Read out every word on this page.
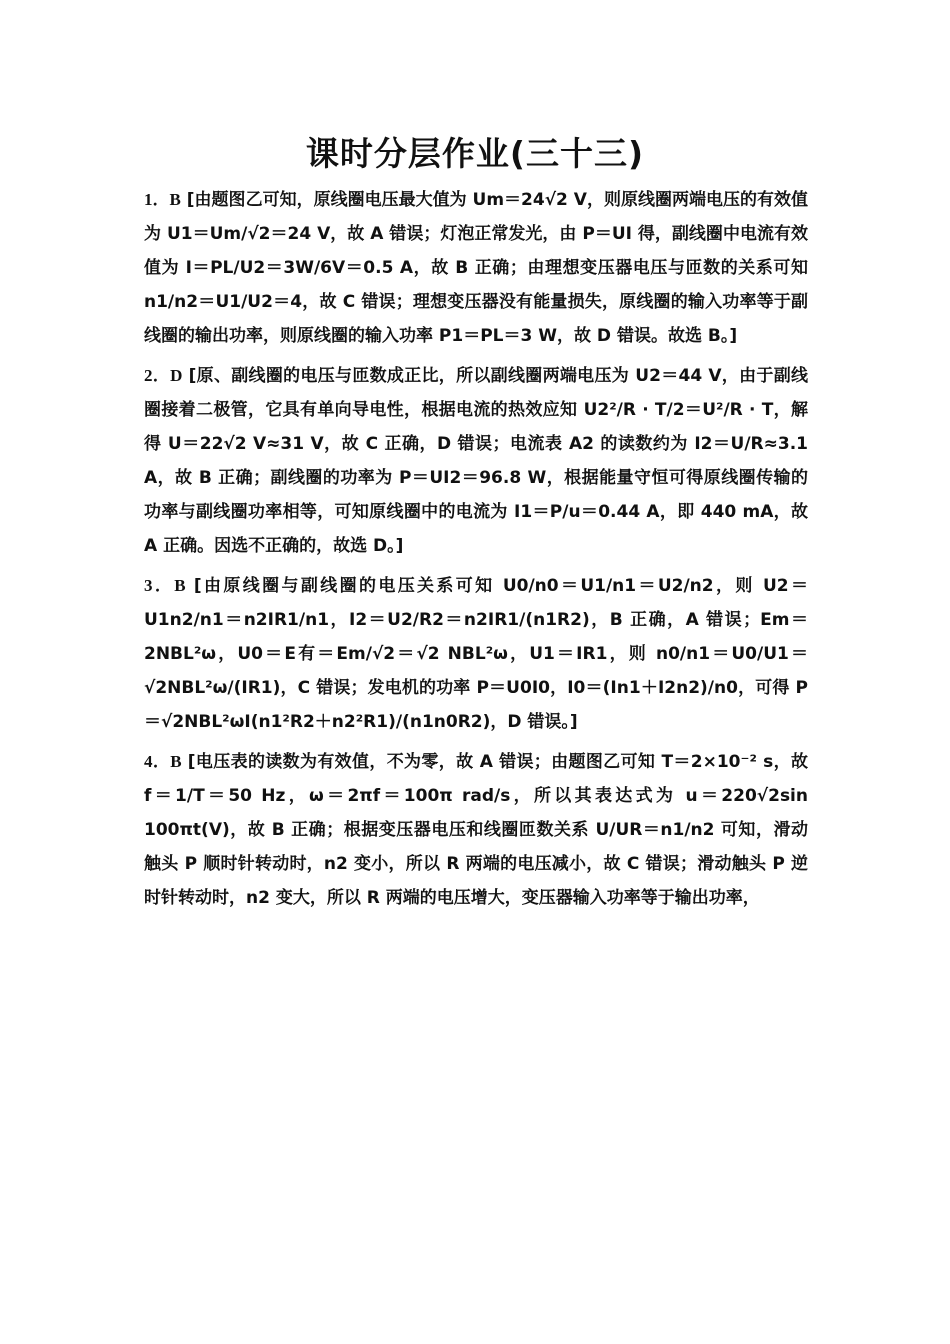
课时分层作业(三十三)

1．B [由题图乙可知，原线圈电压最大值为 Um＝24√2 V，则原线圈两端电压的有效值为 U1＝Um/√2＝24 V，故 A 错误；灯泡正常发光，由 P＝UI 得，副线圈中电流有效值为 I＝PL/U2＝3W/6V＝0.5 A，故 B 正确；由理想变压器电压与匝数的关系可知 n1/n2＝U1/U2＝4，故 C 错误；理想变压器没有能量损失，原线圈的输入功率等于副线圈的输出功率，则原线圈的输入功率 P1＝PL＝3 W，故 D 错误。故选 B。]

2．D [原、副线圈的电压与匝数成正比，所以副线圈两端电压为 U2＝44 V，由于副线圈接着二极管，它具有单向导电性，根据电流的热效应知 U2²/R · T/2＝U²/R · T，解得 U＝22√2 V≈31 V，故 C 正确，D 错误；电流表 A2 的读数约为 I2＝U/R≈3.1 A，故 B 正确；副线圈的功率为 P＝UI2＝96.8 W，根据能量守恒可得原线圈传输的功率与副线圈功率相等，可知原线圈中的电流为 I1＝P/u＝0.44 A，即 440 mA，故 A 正确。因选不正确的，故选 D。]

3．B [由原线圈与副线圈的电压关系可知 U0/n0＝U1/n1＝U2/n2，则 U2＝U1n2/n1＝n2IR1/n1，I2＝U2/R2＝n2IR1/(n1R2)，B 正确，A 错误；Em＝2NBL²ω，U0＝E有＝Em/√2＝√2 NBL²ω，U1＝IR1，则 n0/n1＝U0/U1＝√2NBL²ω/(IR1)，C 错误；发电机的功率 P＝U0I0，I0＝(In1＋I2n2)/n0，可得 P＝√2NBL²ωI(n1²R2＋n2²R1)/(n1n0R2)，D 错误。]

4．B [电压表的读数为有效值，不为零，故 A 错误；由题图乙可知 T＝2×10⁻² s，故 f＝1/T＝50 Hz，ω＝2πf＝100π rad/s，所以其表达式为 u＝220√2sin 100πt(V)，故 B 正确；根据变压器电压和线圈匝数关系 U/UR＝n1/n2 可知，滑动触头 P 顺时针转动时，n2 变小，所以 R 两端的电压减小，故 C 错误；滑动触头 P 逆时针转动时，n2 变大，所以 R 两端的电压增大，变压器输入功率等于输出功率，
